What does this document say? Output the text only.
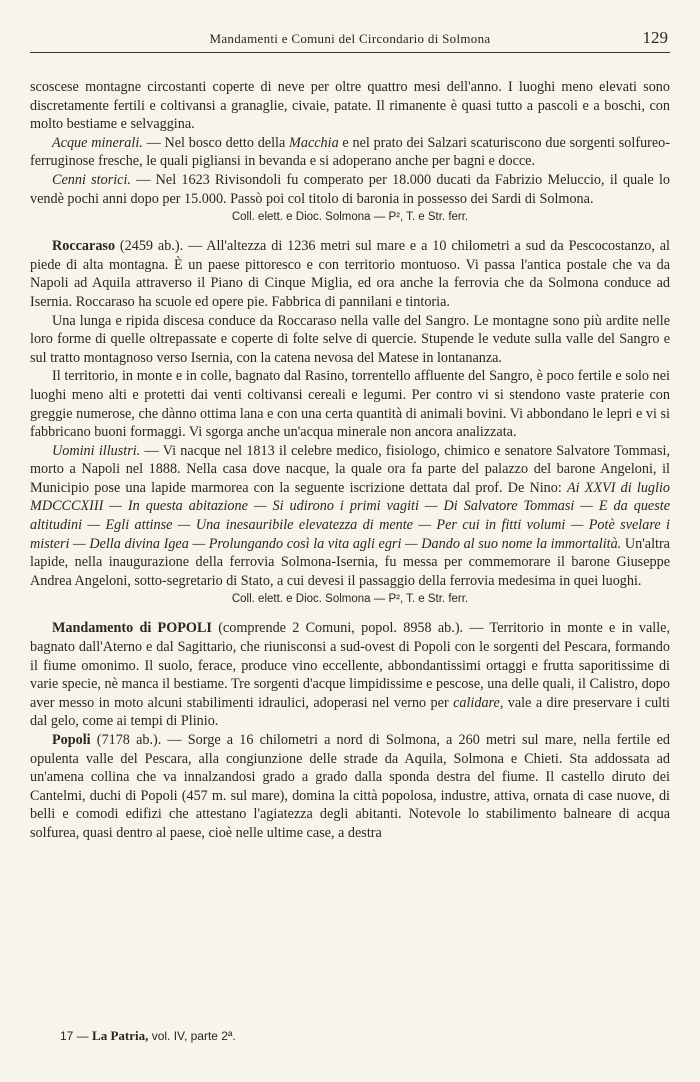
Mandamenti e Comuni del Circondario di Solmona	129

scoscese montagne circostanti coperte di neve per oltre quattro mesi dell'anno. I luoghi meno elevati sono discretamente fertili e coltivansi a granaglie, civaie, patate. Il rimanente è quasi tutto a pascoli e a boschi, con molto bestiame e selvaggina.

Acque minerali. — Nel bosco detto della Macchia e nel prato dei Salzari scaturiscono due sorgenti solfureo-ferruginose fresche, le quali pigliansi in bevanda e si adoperano anche per bagni e docce.

Cenni storici. — Nel 1623 Rivisondoli fu comperato per 18.000 ducati da Fabrizio Meluccio, il quale lo vendè pochi anni dopo per 15.000. Passò poi col titolo di baronia in possesso dei Sardi di Solmona.

Coll. elett. e Dioc. Solmona — P², T. e Str. ferr.

Roccaraso (2459 ab.). — All'altezza di 1236 metri sul mare e a 10 chilometri a sud da Pescocostanzo, al piede di alta montagna. È un paese pittoresco e con territorio montuoso. Vi passa l'antica postale che va da Napoli ad Aquila attraverso il Piano di Cinque Miglia, ed ora anche la ferrovia che da Solmona conduce ad Isernia. Roccaraso ha scuole ed opere pie. Fabbrica di pannilani e tintoria.

Una lunga e ripida discesa conduce da Roccaraso nella valle del Sangro. Le montagne sono più ardite nelle loro forme di quelle oltrepassate e coperte di folte selve di quercie. Stupende le vedute sulla valle del Sangro e sul tratto montagnoso verso Isernia, con la catena nevosa del Matese in lontananza.

Il territorio, in monte e in colle, bagnato dal Rasino, torrentello affluente del Sangro, è poco fertile e solo nei luoghi meno alti e protetti dai venti coltivansi cereali e legumi. Per contro vi si stendono vaste praterie con greggie numerose, che dànno ottima lana e con una certa quantità di animali bovini. Vi abbondano le lepri e vi si fabbricano buoni formaggi. Vi sgorga anche un'acqua minerale non ancora analizzata.

Uomini illustri. — Vi nacque nel 1813 il celebre medico, fisiologo, chimico e senatore Salvatore Tommasi, morto a Napoli nel 1888. Nella casa dove nacque, la quale ora fa parte del palazzo del barone Angeloni, il Municipio pose una lapide marmorea con la seguente iscrizione dettata dal prof. De Nino: Ai XXVI di luglio MDCCCXIII — In questa abitazione — Si udirono i primi vagiti — Di Salvatore Tommasi — E da queste altitudini — Egli attinse — Una inesauribile elevatezza di mente — Per cui in fitti volumi — Potè svelare i misteri — Della divina Igea — Prolungando così la vita agli egri — Dando al suo nome la immortalità. Un'altra lapide, nella inaugurazione della ferrovia Solmona-Isernia, fu messa per commemorare il barone Giuseppe Andrea Angeloni, sotto-segretario di Stato, a cui devesi il passaggio della ferrovia medesima in quei luoghi.

Coll. elett. e Dioc. Solmona — P², T. e Str. ferr.

Mandamento di POPOLI (comprende 2 Comuni, popol. 8958 ab.). — Territorio in monte e in valle, bagnato dall'Aterno e dal Sagittario, che riunisconsi a sud-ovest di Popoli con le sorgenti del Pescara, formando il fiume omonimo. Il suolo, ferace, produce vino eccellente, abbondantissimi ortaggi e frutta saporitissime di varie specie, nè manca il bestiame. Tre sorgenti d'acque limpidissime e pescose, una delle quali, il Calistro, dopo aver messo in moto alcuni stabilimenti idraulici, adoperasi nel verno per calidare, vale a dire preservare i culti dal gelo, come ai tempi di Plinio.

Popoli (7178 ab.). — Sorge a 16 chilometri a nord di Solmona, a 260 metri sul mare, nella fertile ed opulenta valle del Pescara, alla congiunzione delle strade da Aquila, Solmona e Chieti. Sta addossata ad un'amena collina che va innalzandosi grado a grado dalla sponda destra del fiume. Il castello diruto dei Cantelmi, duchi di Popoli (457 m. sul mare), domina la città popolosa, industre, attiva, ornata di case nuove, di belli e comodi edifizi che attestano l'agiatezza degli abitanti. Notevole lo stabilimento balneare di acqua solfurea, quasi dentro al paese, cioè nelle ultime case, a destra

17 — La Patria, vol. IV, parte 2ª.
